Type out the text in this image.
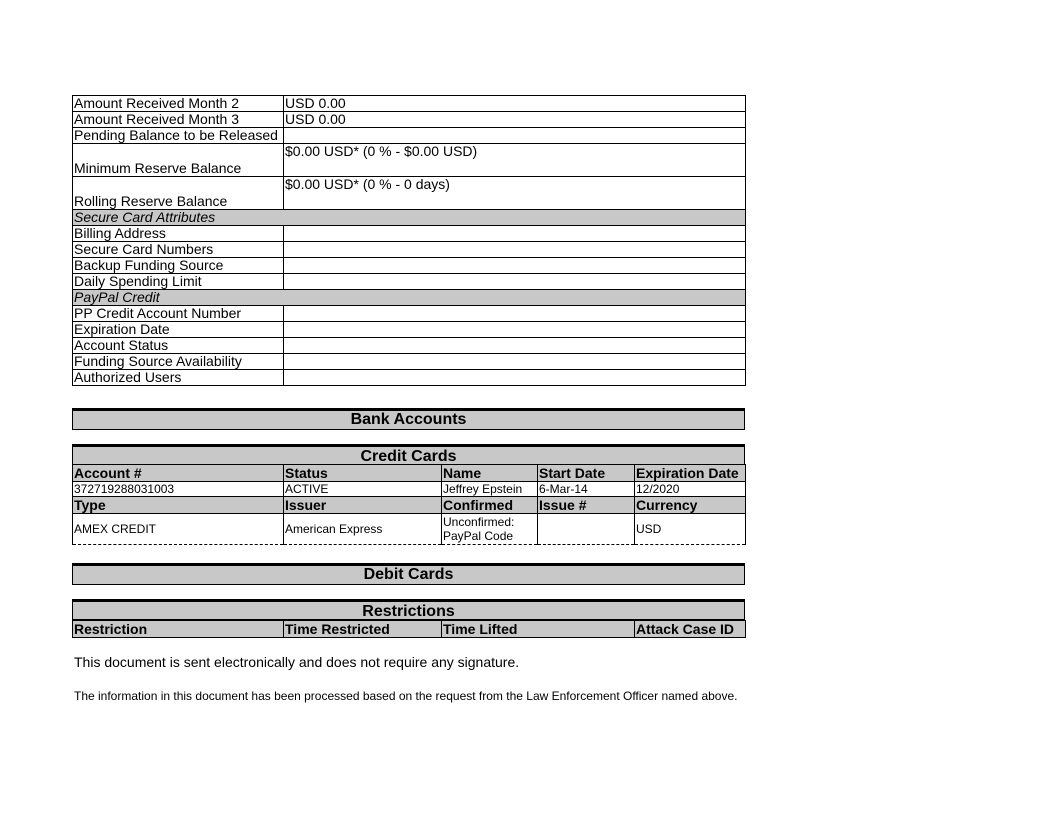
Amount Received Month 2	USD 0.00
Amount Received Month 3	USD 0.00
Pending Balance to be Released	
Minimum Reserve Balance	$0.00 USD* (0 % - $0.00 USD)
Rolling Reserve Balance	$0.00 USD* (0 % - 0 days)
Secure Card Attributes	
Billing Address	
Secure Card Numbers	
Backup Funding Source	
Daily Spending Limit	
PayPal Credit	
PP Credit Account Number	
Expiration Date	
Account Status	
Funding Source Availability	
Authorized Users	
Bank Accounts
Credit Cards
Account #	Status	Name	Start Date	Expiration Date
372719288031003	ACTIVE	Jeffrey Epstein	6-Mar-14	12/2020
Type	Issuer	Confirmed	Issue #	Currency
AMEX CREDIT	American Express	Unconfirmed: PayPal Code		USD
Debit Cards
Restrictions
Restriction	Time Restricted	Time Lifted		Attack Case ID
This document is sent electronically and does not require any signature.
The information in this document has been processed based on the request from the Law Enforcement Officer named above.
